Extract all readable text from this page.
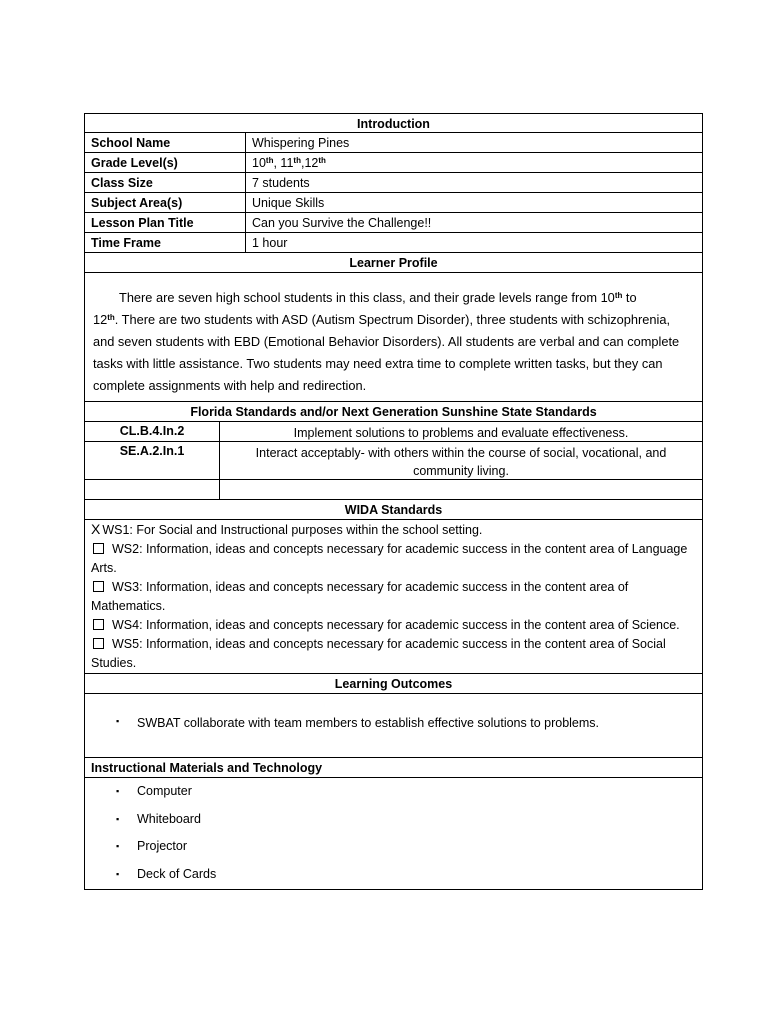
Introduction
School Name	Whispering Pines
Grade Level(s)	10th, 11th,12th
Class Size	7 students
Subject Area(s)	Unique Skills
Lesson Plan Title	Can you Survive the Challenge!!
Time Frame	1 hour
Learner Profile
There are seven high school students in this class, and their grade levels range from 10th to
12th. There are two students with ASD (Autism Spectrum Disorder), three students with schizophrenia, and seven students with EBD (Emotional Behavior Disorders). All students are verbal and can complete tasks with little assistance. Two students may need extra time to complete written tasks, but they can complete assignments with help and redirection.
Florida Standards and/or Next Generation Sunshine State Standards
CL.B.4.In.2	Implement solutions to problems and evaluate effectiveness.
SE.A.2.In.1	Interact acceptably- with others within the course of social, vocational, and community living.
WIDA Standards
X WS1: For Social and Instructional purposes within the school setting.
WS2: Information, ideas and concepts necessary for academic success in the content area of Language Arts.
WS3: Information, ideas and concepts necessary for academic success in the content area of Mathematics.
WS4: Information, ideas and concepts necessary for academic success in the content area of Science.
WS5: Information, ideas and concepts necessary for academic success in the content area of Social Studies.
Learning Outcomes
▪ SWBAT collaborate with team members to establish effective solutions to problems.
Instructional Materials and Technology
▪ Computer
▪ Whiteboard
▪ Projector
▪ Deck of Cards
